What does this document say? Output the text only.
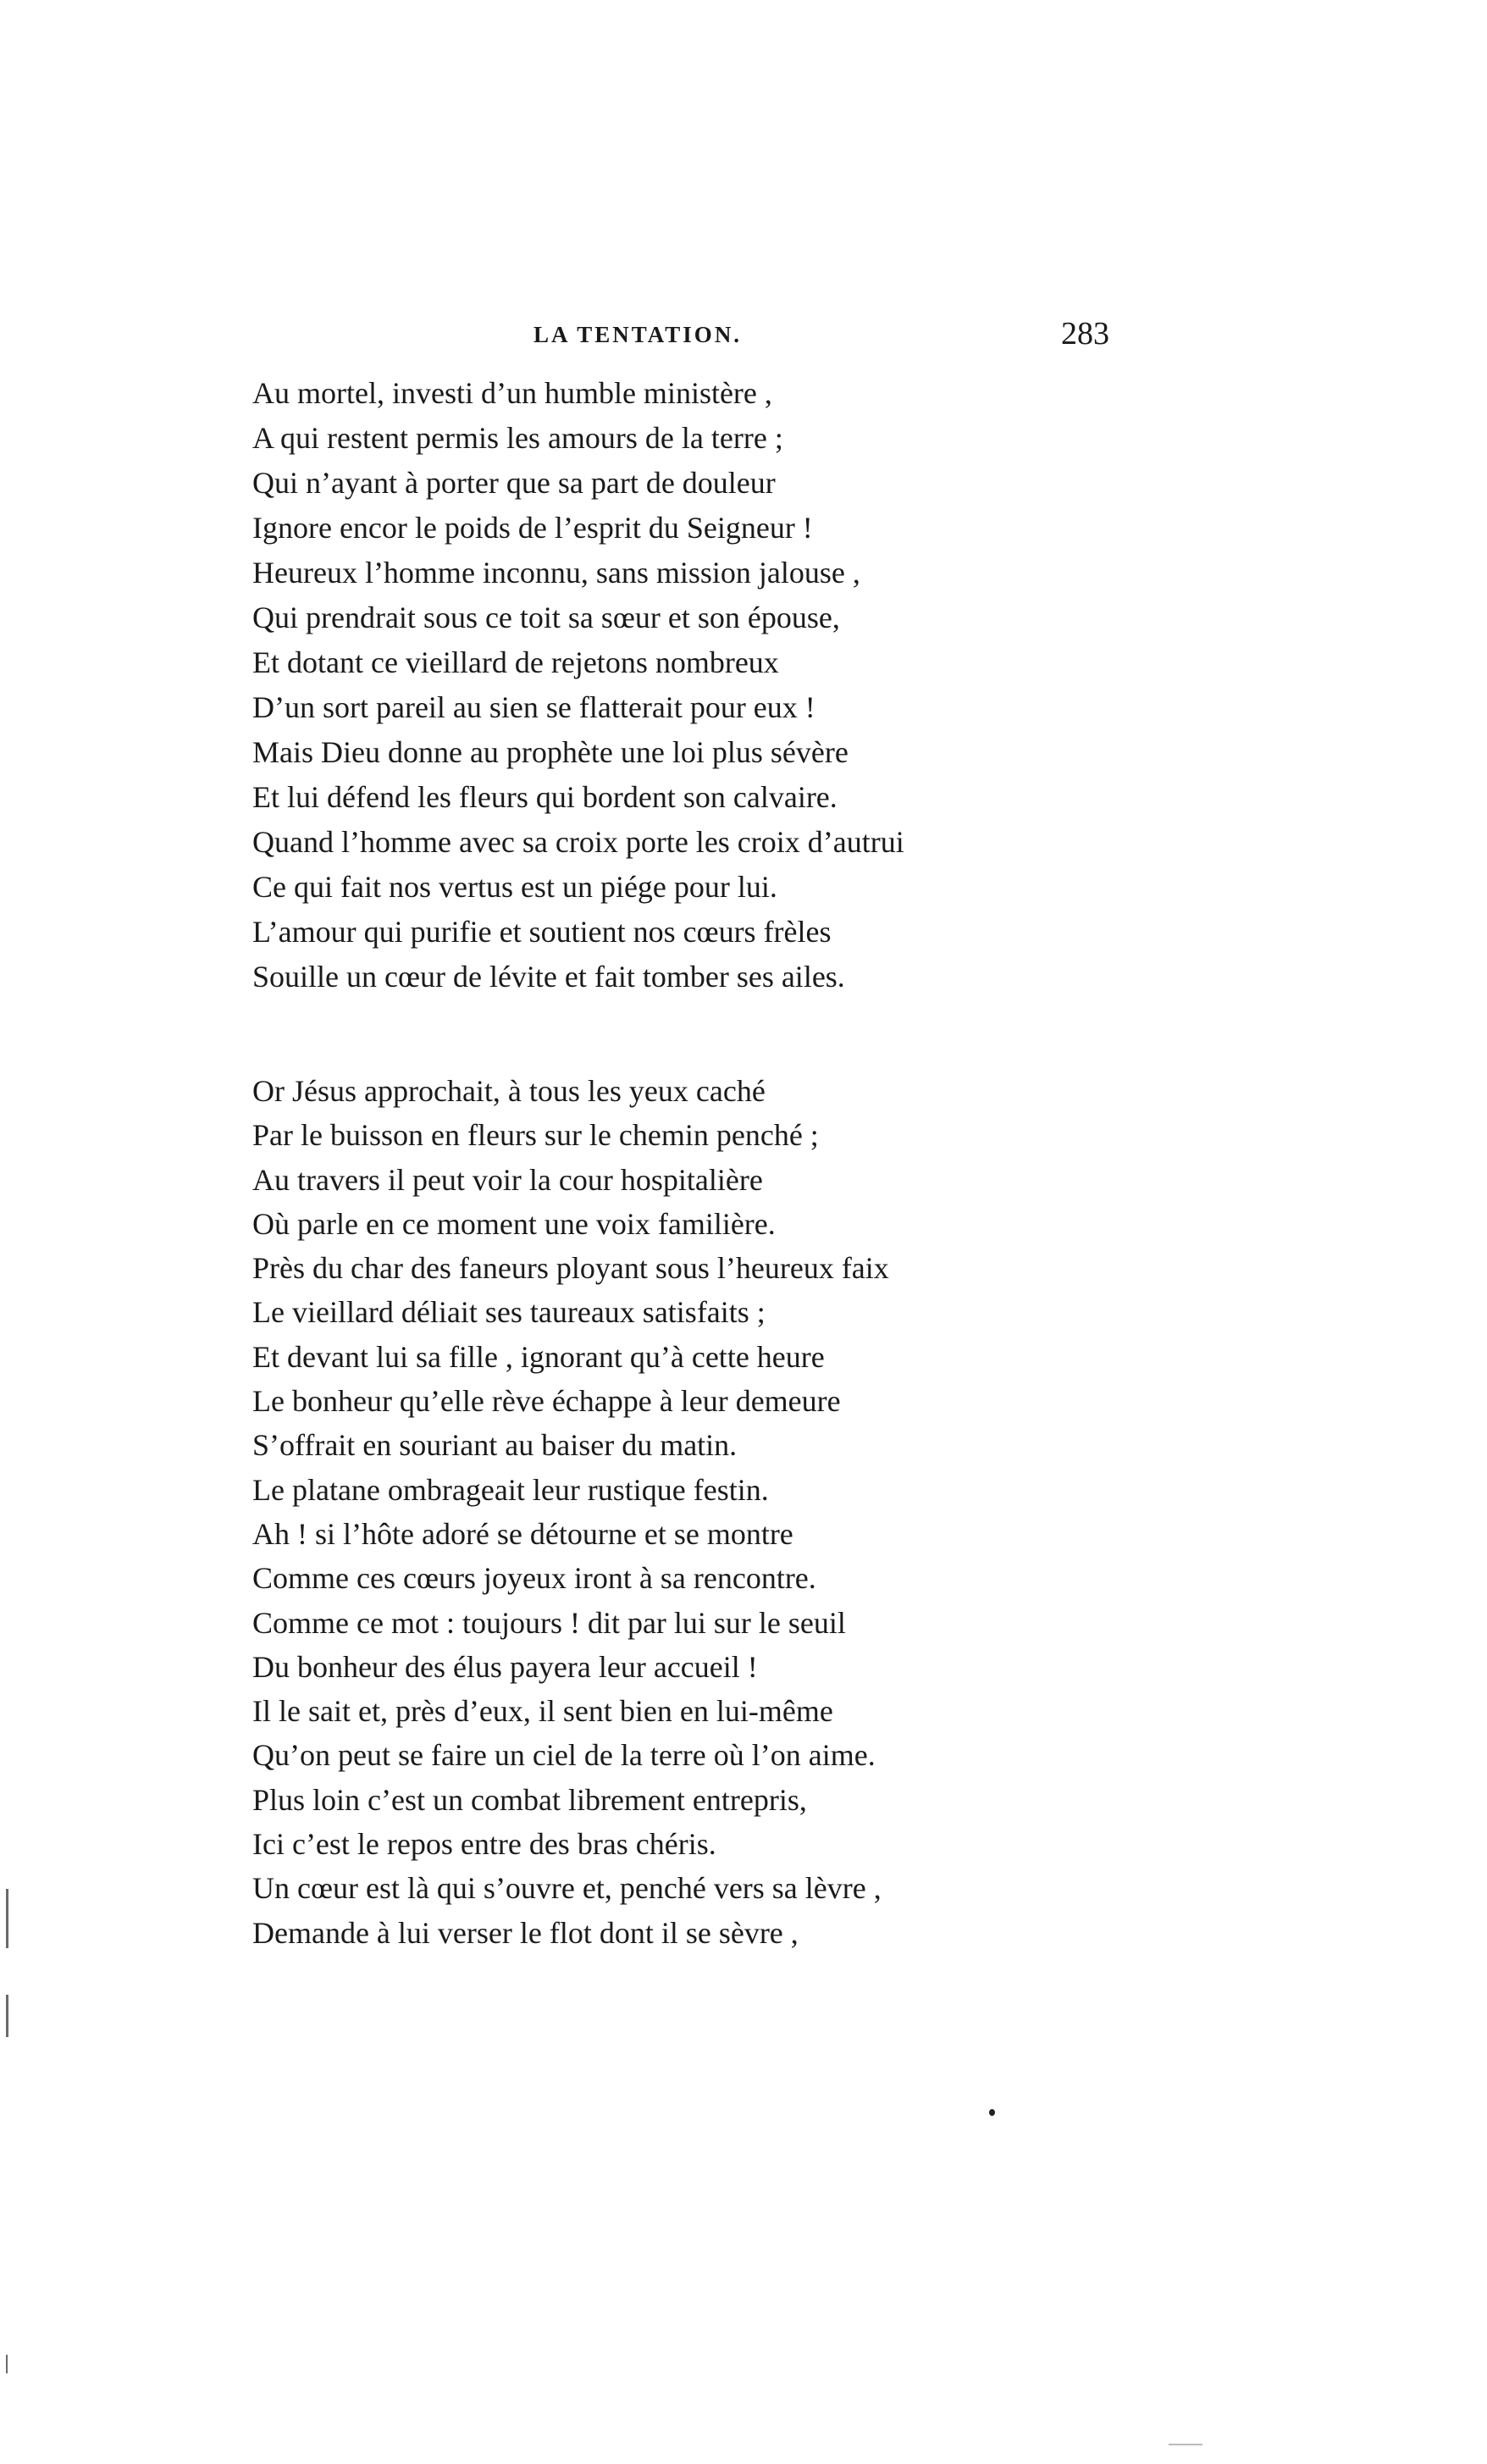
LA TENTATION.	283
Au mortel, investi d’un humble ministère ,
A qui restent permis les amours de la terre ;
Qui n’ayant à porter que sa part de douleur
Ignore encor le poids de l’esprit du Seigneur !
Heureux l’homme inconnu, sans mission jalouse ,
Qui prendrait sous ce toit sa sœur et son épouse,
Et dotant ce vieillard de rejetons nombreux
D’un sort pareil au sien se flatterait pour eux !
Mais Dieu donne au prophète une loi plus sévère
Et lui défend les fleurs qui bordent son calvaire.
Quand l’homme avec sa croix porte les croix d’autrui
Ce qui fait nos vertus est un piége pour lui.
L’amour qui purifie et soutient nos cœurs frèles
Souille un cœur de lévite et fait tomber ses ailes.
Or Jésus approchait, à tous les yeux caché
Par le buisson en fleurs sur le chemin penché ;
Au travers il peut voir la cour hospitalière
Où parle en ce moment une voix familière.
Près du char des faneurs ployant sous l’heureux faix
Le vieillard déliait ses taureaux satisfaits ;
Et devant lui sa fille , ignorant qu’à cette heure
Le bonheur qu’elle rève échappe à leur demeure
S’offrait en souriant au baiser du matin.
Le platane ombrageait leur rustique festin.
Ah ! si l’hôte adoré se détourne et se montre
Comme ces cœurs joyeux iront à sa rencontre.
Comme ce mot : toujours ! dit par lui sur le seuil
Du bonheur des élus payera leur accueil !
Il le sait et, près d’eux, il sent bien en lui-même
Qu’on peut se faire un ciel de la terre où l’on aime.
Plus loin c’est un combat librement entrepris,
Ici c’est le repos entre des bras chéris.
Un cœur est là qui s’ouvre et, penché vers sa lèvre ,
Demande à lui verser le flot dont il se sèvre ,
